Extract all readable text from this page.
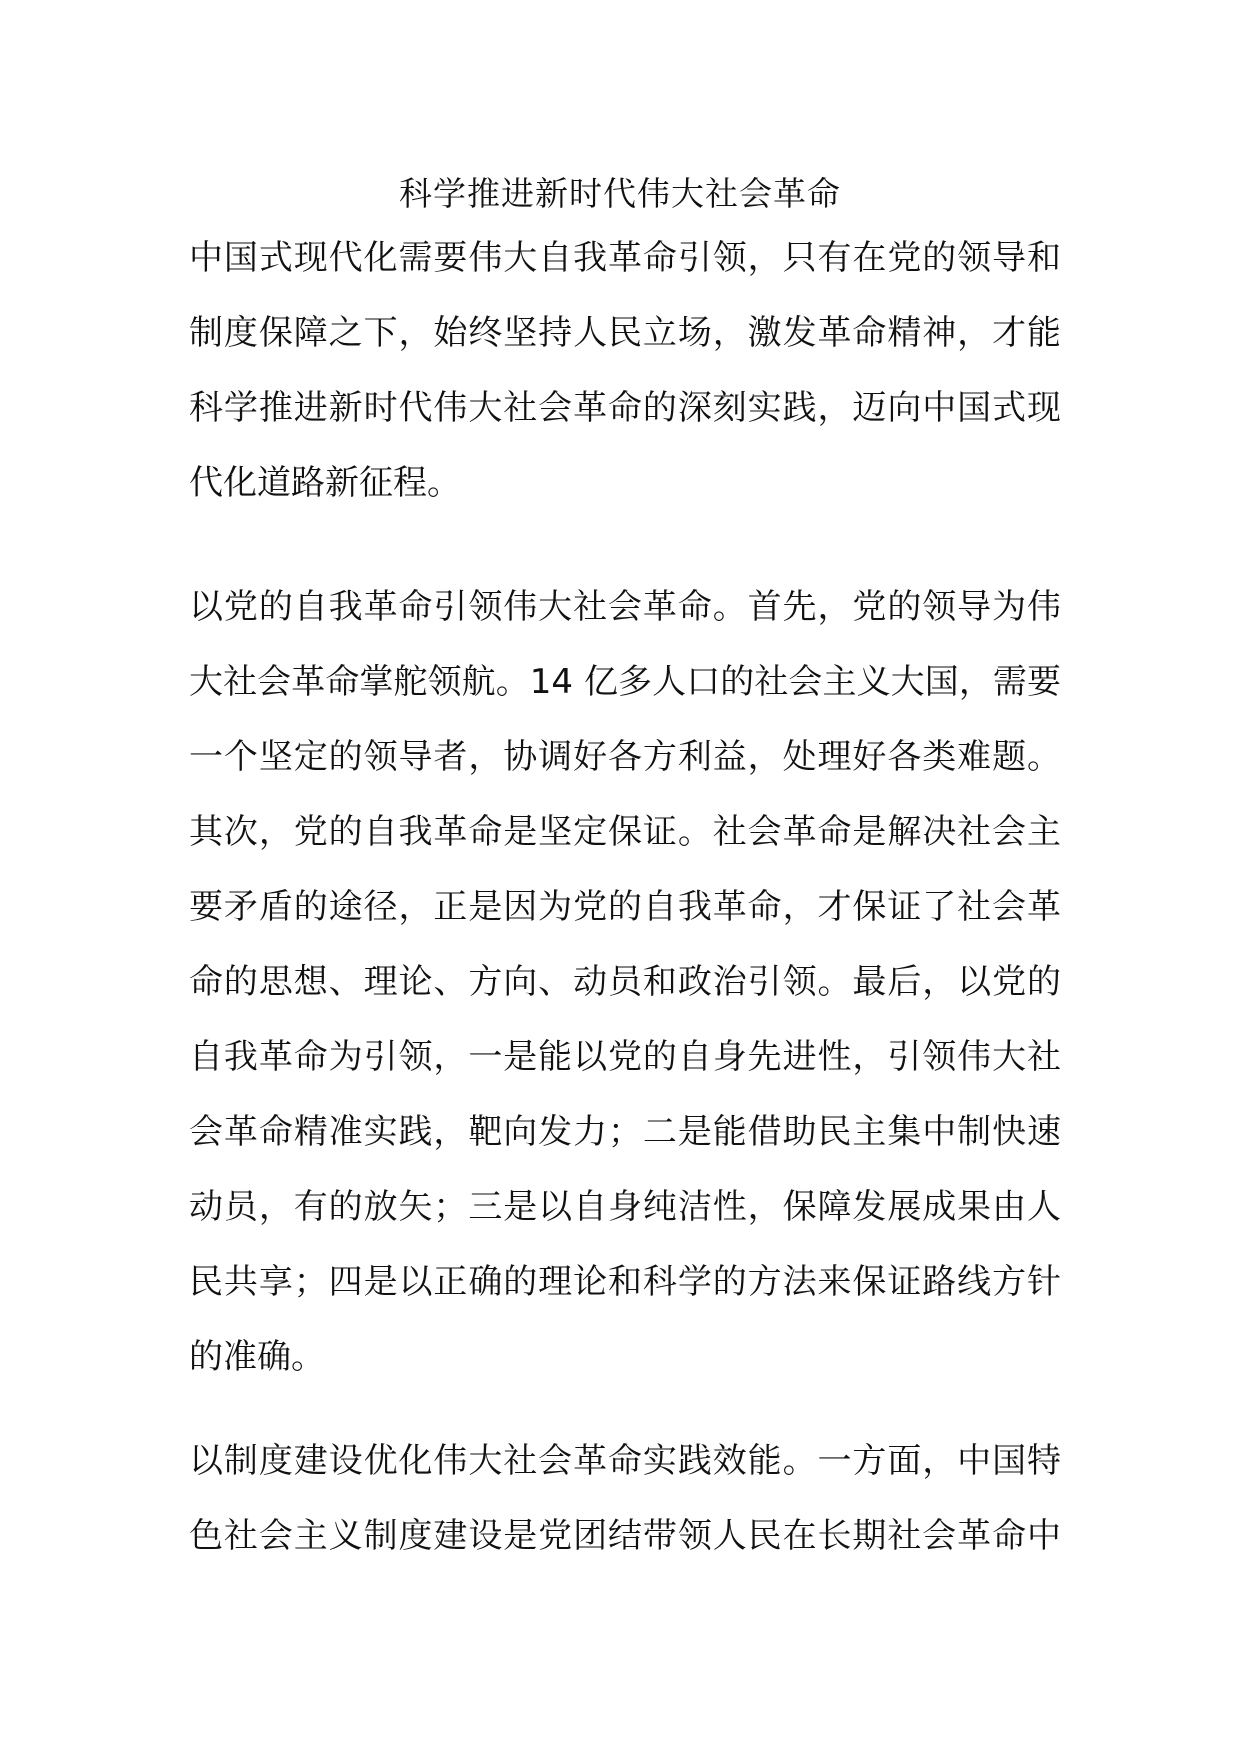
科学推进新时代伟大社会革命
中国式现代化需要伟大自我革命引领，只有在党的领导和
制度保障之下，始终坚持人民立场，激发革命精神，才能
科学推进新时代伟大社会革命的深刻实践，迈向中国式现
代化道路新征程。
以党的自我革命引领伟大社会革命。首先，党的领导为伟
大社会革命掌舵领航。14 亿多人口的社会主义大国，需要
一个坚定的领导者，协调好各方利益，处理好各类难题。
其次，党的自我革命是坚定保证。社会革命是解决社会主
要矛盾的途径，正是因为党的自我革命，才保证了社会革
命的思想、理论、方向、动员和政治引领。最后，以党的
自我革命为引领，一是能以党的自身先进性，引领伟大社
会革命精准实践，靶向发力；二是能借助民主集中制快速
动员，有的放矢；三是以自身纯洁性，保障发展成果由人
民共享；四是以正确的理论和科学的方法来保证路线方针
的准确。
以制度建设优化伟大社会革命实践效能。一方面，中国特
色社会主义制度建设是党团结带领人民在长期社会革命中
